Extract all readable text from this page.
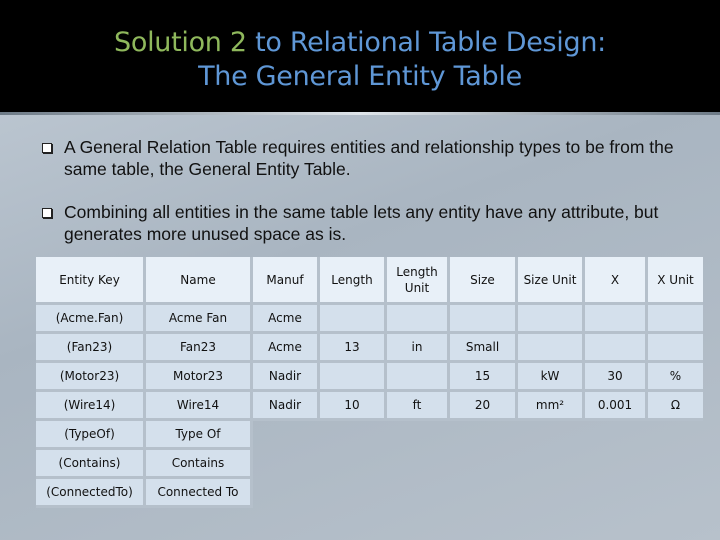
Solution 2 to Relational Table Design:
The General Entity Table
A General Relation Table requires entities and relationship types to be from the same table, the General Entity Table.
Combining all entities in the same table lets any entity have any attribute, but generates more unused space as is.
Entity Key	Name	Manuf	Length	Length Unit	Size	Size Unit	X	X Unit
(Acme.Fan)	Acme Fan	Acme						
(Fan23)	Fan23	Acme	13	in	Small			
(Motor23)	Motor23	Nadir			15	kW	30	%
(Wire14)	Wire14	Nadir	10	ft	20	mm²	0.001	Ω
(TypeOf)	Type Of							
(Contains)	Contains							
(ConnectedTo)	Connected To							
